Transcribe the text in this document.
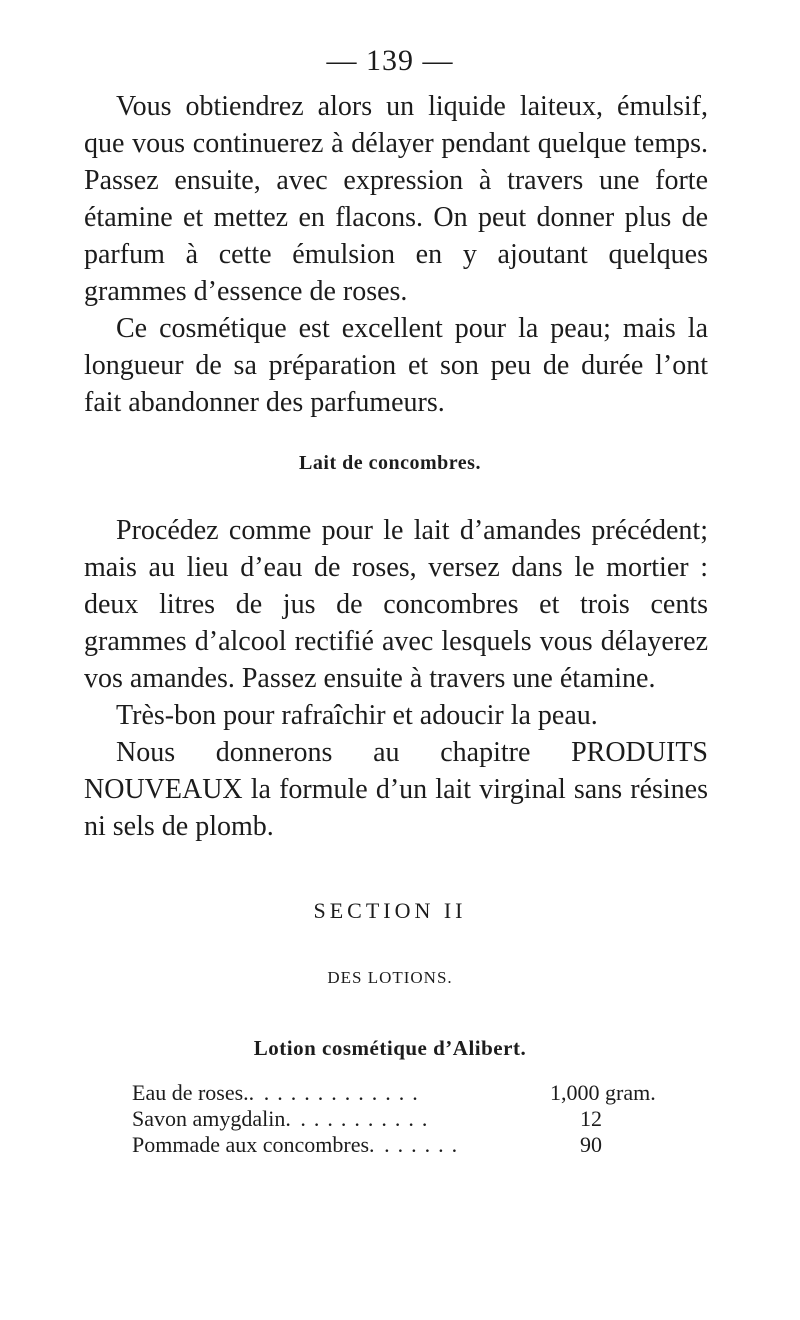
— 139 —

Vous obtiendrez alors un liquide laiteux, émulsif, que vous continuerez à délayer pendant quelque temps. Passez ensuite, avec expression à travers une forte étamine et mettez en flacons. On peut donner plus de parfum à cette émulsion en y ajoutant quelques grammes d’essence de roses.

Ce cosmétique est excellent pour la peau; mais la longueur de sa préparation et son peu de durée l’ont fait abandonner des parfumeurs.

Lait de concombres.

Procédez comme pour le lait d’amandes précédent; mais au lieu d’eau de roses, versez dans le mortier : deux litres de jus de concombres et trois cents grammes d’alcool rectifié avec lesquels vous délayerez vos amandes. Passez ensuite à travers une étamine.

Très-bon pour rafraîchir et adoucir la peau.

Nous donnerons au chapitre PRODUITS NOUVEAUX la formule d’un lait virginal sans résines ni sels de plomb.

SECTION II
DES LOTIONS.
Lotion cosmétique d’Alibert.
Eau de roses.. ............	1,000 gram.
Savon amygdalin. ..........	12
Pommade aux concombres. ......	90
